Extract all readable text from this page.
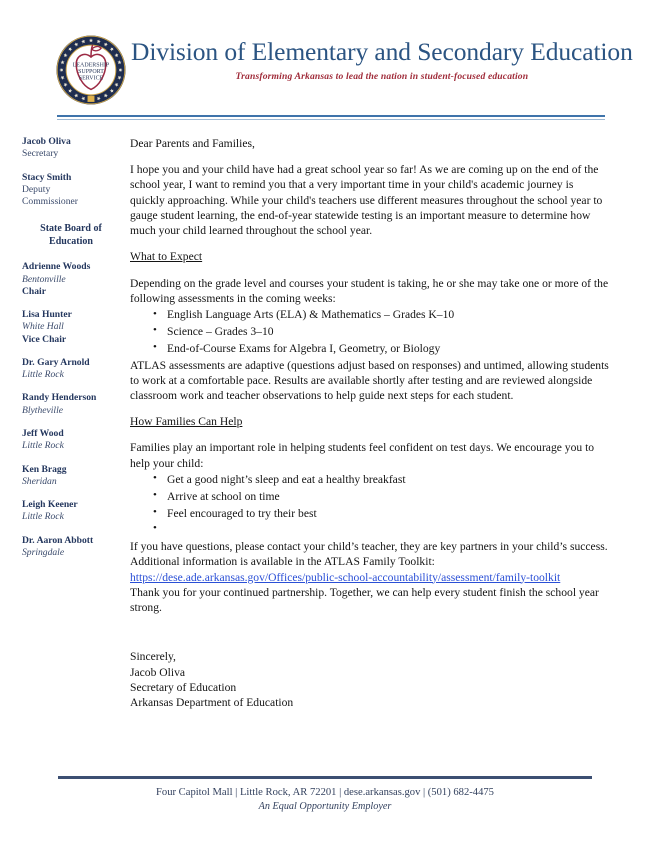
LEADERSHIP
SUPPORT
SERVICE
Division of Elementary and Secondary Education
Transforming Arkansas to lead the nation in student-focused education
Jacob Oliva
Secretary
Stacy Smith
Deputy
Commissioner
State Board of Education
Adrienne Woods
Bentonville
Chair
Lisa Hunter
White Hall
Vice Chair
Dr. Gary Arnold
Little Rock
Randy Henderson
Blytheville
Jeff Wood
Little Rock
Ken Bragg
Sheridan
Leigh Keener
Little Rock
Dr. Aaron Abbott
Springdale

Dear Parents and Families,

I hope you and your child have had a great school year so far! As we are coming up on the end of the school year, I want to remind you that a very important time in your child's academic journey is quickly approaching. While your child's teachers use different measures throughout the school year to gauge student learning, the end-of-year statewide testing is an important measure to determine how much your child learned throughout the school year.

What to Expect

Depending on the grade level and courses your student is taking, he or she may take one or more of the following assessments in the coming weeks:

• English Language Arts (ELA) & Mathematics – Grades K–10
• Science – Grades 3–10
• End-of-Course Exams for Algebra I, Geometry, or Biology

ATLAS assessments are adaptive (questions adjust based on responses) and untimed, allowing students to work at a comfortable pace. Results are available shortly after testing and are reviewed alongside classroom work and teacher observations to help guide next steps for each student.

How Families Can Help

Families play an important role in helping students feel confident on test days. We encourage you to help your child:

• Get a good night’s sleep and eat a healthy breakfast
• Arrive at school on time
• Feel encouraged to try their best
•

If you have questions, please contact your child’s teacher, they are key partners in your child’s success. Additional information is available in the ATLAS Family Toolkit:

https://dese.ade.arkansas.gov/Offices/public-school-accountability/assessment/family-toolkit

Thank you for your continued partnership. Together, we can help every student finish the school year strong.

Sincerely,
Jacob Oliva
Secretary of Education
Arkansas Department of Education
Four Capitol Mall | Little Rock, AR 72201 | dese.arkansas.gov | (501) 682-4475
An Equal Opportunity Employer
